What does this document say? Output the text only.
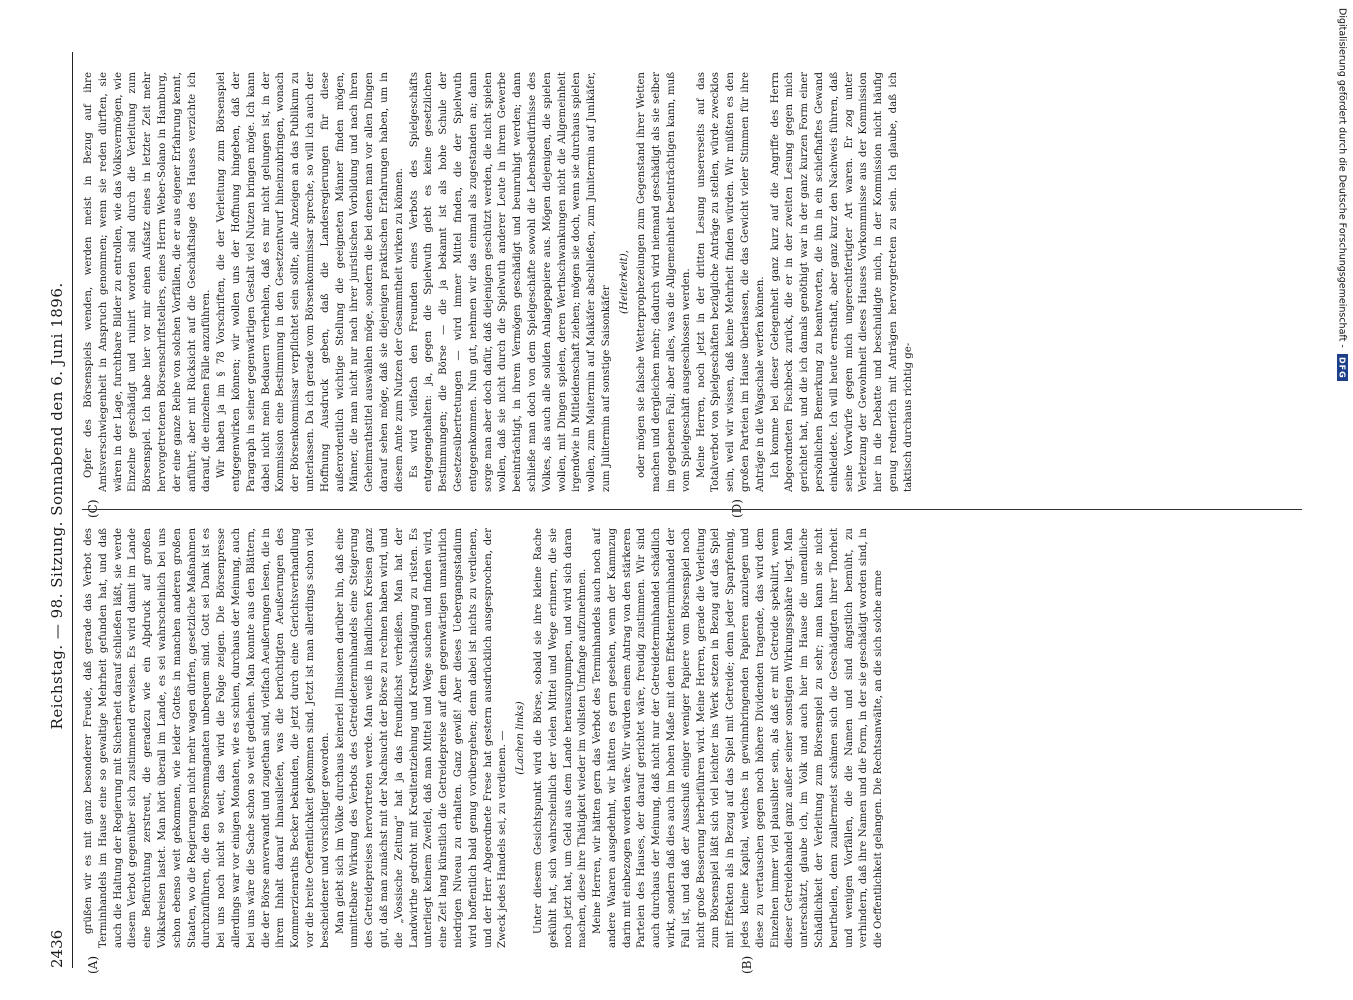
2436
Reichstag. — 98. Sitzung. Sonnabend den 6. Juni 1896.
(A)	(B)
(C)	(D)

grüßen wir es mit ganz besonderer Freude, daß gerade das Verbot des Terminhandels im Hause eine so gewaltige Mehrheit gefunden hat, und daß auch die Haltung der Regierung mit Sicherheit darauf schließen läßt, sie werde diesem Verbot gegenüber sich zustimmend erweisen. Es wird damit im Lande eine Befürchtung zerstreut, die geradezu wie ein Alpdruck auf großen Volkskreisen lastet. Man hört überall im Lande, es sei wahrscheinlich bei uns schon ebenso weit gekommen, wie leider Gottes in manchen anderen großen Staaten, wo die Regierungen nicht mehr wagen dürfen, gesetzliche Maßnahmen durchzuführen, die den Börsenmagnaten unbequem sind. Gott sei Dank ist es bei uns noch nicht so weit, das wird die Folge zeigen. Die Börsenpresse allerdings war vor einigen Monaten, wie es schien, durchaus der Meinung, auch bei uns wäre die Sache schon so weit gediehen. Man konnte aus den Blättern, die der Börse anverwandt und zugethan sind, vielfach Aeußerungen lesen, die in ihrem Inhalt darauf hinausliefen, was die berüchtigten Aeußerungen des Kommerzienraths Becker bekunden, die jetzt durch eine Gerichtsverhandlung vor die breite Oeffentlichkeit gekommen sind. Jetzt ist man allerdings schon viel bescheidener und vorsichtiger geworden. Man giebt sich im Volke durchaus keinerlei Illusionen darüber hin, daß eine unmittelbare Wirkung des Verbots des Getreideterminhandels eine Steigerung des Getreidepreises hervortreten werde. Man weiß in ländlichen Kreisen ganz gut, daß man zunächst mit der Nachsucht der Börse zu rechnen haben wird, und die „Vossische Zeitung“ hat ja das freundlichst verheißen. Man hat der Landwirthe gedroht mit Kreditentziehung und Kreditschädigung zu rüsten. Es unterliegt keinem Zweifel, daß man Mittel und Wege suchen und finden wird, eine Zeit lang künstlich die Getreidepreise auf dem gegenwärtigen unnatürlich niedrigen Niveau zu erhalten. Ganz gewiß! Aber dieses Uebergangsstadium wird hoffentlich bald genug vorübergehen; denn dabei ist nichts zu verdienen, und der Herr Abgeordnete Frese hat gestern ausdrücklich ausgesprochen, der Zweck jedes Handels sei, zu verdienen. — (Lachen links) Unter diesem Gesichtspunkt wird die Börse, sobald sie ihre kleine Rache gekühlt hat, sich wahrscheinlich der vielen Mittel und Wege erinnern, die sie noch jetzt hat, um Geld aus dem Lande herauszupumpen, und wird sich daran machen, diese ihre Thätigkeit wieder im vollsten Umfange aufzunehmen. Meine Herren, wir hätten gern das Verbot des Terminhandels auch noch auf andere Waaren ausgedehnt, wir hätten es gern gesehen, wenn der Kammzug darin mit einbezogen worden wäre. Wir würden einem Antrag von den stärkeren Parteien des Hauses, der darauf gerichtet wäre, freudig zustimmen. Wir sind auch durchaus der Meinung, daß nicht nur der Getreideterminhandel schädlich wirkt, sondern daß dies auch im hohen Maße mit dem Effektenterminhandel der Fall ist, und daß der Ausschuß einiger weniger Papiere vom Börsenspiel noch nicht große Besserung herbeiführen wird. Meine Herren, gerade die Verleitung zum Börsenspiel läßt sich viel leichter ins Werk setzen in Bezug auf das Spiel mit Effekten als in Bezug auf das Spiel mit Getreide; denn jeder Sparpfennig, jedes kleine Kapital, welches in gewinnbringenden Papieren anzulegen und diese zu vertauschen gegen noch höhere Dividenden tragende, das wird dem Einzelnen immer viel plausibler sein, als daß er mit Getreide spekulirt, wenn dieser Getreidehandel ganz außer seiner sonstigen Wirkungssphäre liegt. Man unterschätzt, glaube ich, im Volk und auch hier im Hause die unendliche Schädlichkeit der Verleitung zum Börsenspiel zu sehr; man kann sie nicht beurtheilen, denn zuallermeist schämen sich die Geschädigten ihrer Thorheit und wenigen Vorfällen, die die Namen und sind ängstlich bemüht, zu verhindern, daß ihre Namen und die Form, in der sie geschädigt worden sind, in die Oeffentlichkeit gelangen. Die Rechtsanwälte, an die sich solche arme

Opfer des Börsenspiels wenden, werden meist in Bezug auf ihre Amtsverschwiegenheit in Anspruch genommen; wenn sie reden dürften, sie wären in der Lage, furchtbare Bilder zu entrollen, wie das Volksvermögen, wie Einzelne geschädigt und ruinirt worden sind durch die Verleitung zum Börsenspiel. Ich habe hier vor mir einen Aufsatz eines in letzter Zeit mehr hervorgetretenen Börsenschriftstellers, eines Herrn Weber-Solano in Hamburg, der eine ganze Reihe von solchen Vorfällen, die er aus eigener Erfahrung kennt, anführt; aber mit Rücksicht auf die Geschäftslage des Hauses verzichte ich darauf, die einzelnen Fälle anzuführen. Wir haben ja im § 78 Vorschriften, die der Verleitung zum Börsenspiel entgegenwirken können; wir wollen uns der Hoffnung hingeben, daß der Paragraph in seiner gegenwärtigen Gestalt viel Nutzen bringen möge. Ich kann dabei nicht mein Bedauern verhehlen, daß es mir nicht gelungen ist, in der Kommission eine Bestimmung in den Gesetzentwurf hineinzubringen, wonach der Börsenkommissar verpflichtet sein sollte, alle Anzeigen an das Publikum zu unterlassen. Da ich gerade vom Börsenkommissar spreche, so will ich auch der Hoffnung Ausdruck geben, daß die Landesregierungen für diese außerordentlich wichtige Stellung die geeigneten Männer finden mögen, Männer, die man nicht nur nach ihrer juristischen Vorbildung und nach ihren Geheimrathstitel auswählen möge, sondern die bei denen man vor allen Dingen darauf sehen möge, daß sie diejenigen praktischen Erfahrungen haben, um in diesem Amte zum Nutzen der Gesammtheit wirken zu können. Es wird vielfach den Freunden eines Verbots des Spielgeschäfts entgegengehalten: ja, gegen die Spielwuth giebt es keine gesetzlichen Bestimmungen; die Börse — die ja bekannt ist als hohe Schule der Gesetzesübertretungen — wird immer Mittel finden, die der Spielwuth entgegenkommen. Nun gut, nehmen wir das einmal als zugestanden an; dann sorge man aber doch dafür, daß diejenigen geschützt werden, die nicht spielen wollen, daß sie nicht durch die Spielwuth anderer Leute in ihrem Gewerbe beeinträchtigt, in ihrem Vermögen geschädigt und beunruhigt werden; dann schließe man doch von dem Spielgeschäfte sowohl die Lebensbedürfnisse des Volkes, als auch alle soliden Anlagepapiere aus. Mögen diejenigen, die spielen wollen, mit Dingen spielen, deren Werthschwankungen nicht die Allgemeinheit irgendwie in Mitleidenschaft ziehen; mögen sie doch, wenn sie durchaus spielen wollen, zum Maitermin auf Maikäfer abschließen, zum Junitermin auf Junikäfer, zum Julitermin auf sonstige Saisonkäfer

(Heiterkeit), oder mögen sie falsche Wetterprophezeiungen zum Gegenstand ihrer Wetten machen und dergleichen mehr; dadurch wird niemand geschädigt als sie selber im gegebenen Fall; aber alles, was die Allgemeinheit beeinträchtigen kann, muß vom Spielgeschäft ausgeschlossen werden. Meine Herren, noch jetzt in der dritten Lesung unsererseits auf das Totalverbot von Spielgeschäften bezügliche Anträge zu stellen, würde zwecklos sein, weil wir wissen, daß keine Mehrheit finden würden. Wir müßten es den großen Parteien im Hause überlassen, die das Gewicht vieler Stimmen für ihre Anträge in die Wagschale werfen können. Ich komme bei dieser Gelegenheit ganz kurz auf die Angriffe des Herrn Abgeordneten Fischbeck zurück, die er in der zweiten Lesung gegen mich gerichtet hat, und die ich damals genöthigt war in der ganz kurzen Form einer persönlichen Bemerkung zu beantworten, die ihn in ein schiefhaftes Gewand einkleidete. Ich will heute ernsthaft, aber ganz kurz den Nachweis führen, daß seine Vorwürfe gegen mich ungerechtfertigter Art waren. Er zog unter Verletzung der Gewohnheit dieses Hauses Vorkommnisse aus der Kommission hier in die Debatte und beschuldigte mich, in der Kommission nicht häufig genug redneriſch mit Anträgen hervorgetreten zu sein. Ich glaube, daß ich taktisch durchaus richtig ge-

Digitalisierung gefördert durch die Deutsche Forschungsgemeinschaft -
DFG
